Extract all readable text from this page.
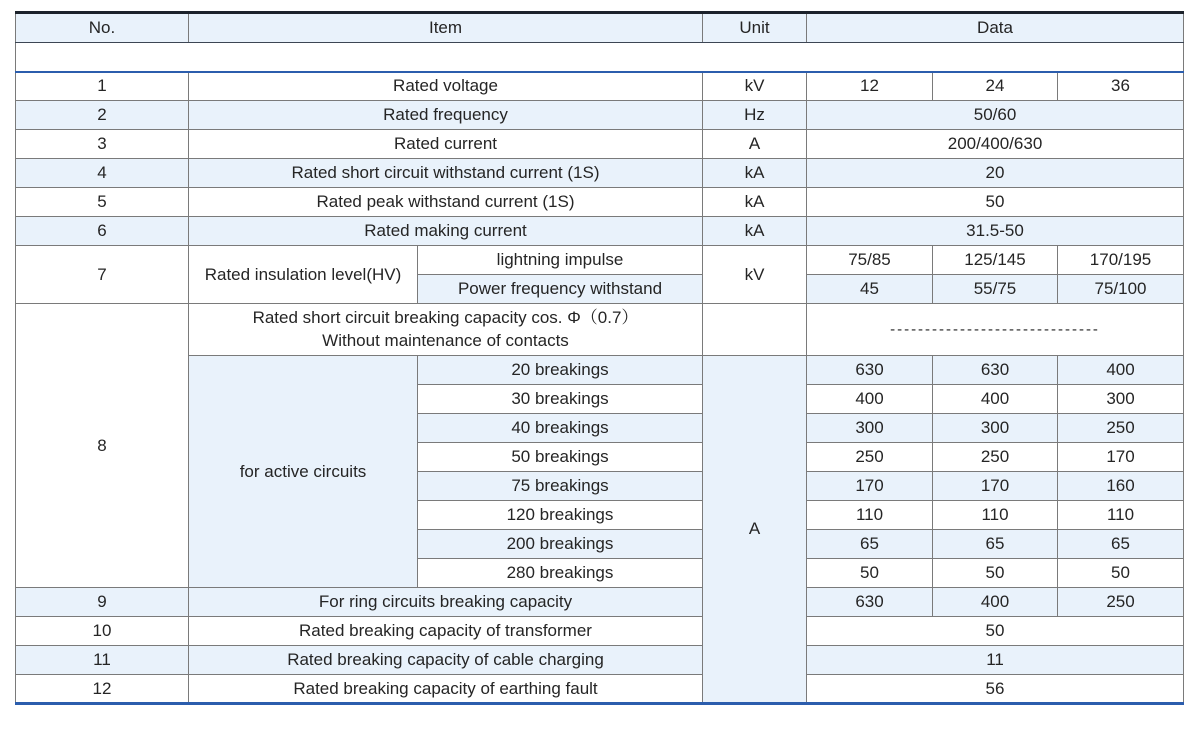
No.	Item		Unit	Data		

1	Rated voltage		kV	12	24	36
2	Rated frequency		Hz	50/60		
3	Rated current		A	200/400/630		
4	Rated short circuit withstand current (1S)		kA	20		
5	Rated peak withstand current (1S)		kA	50		
6	Rated making current		kA	31.5-50		
7	Rated insulation level(HV)	lightning impulse	kV	75/85	125/145	170/195
		Power frequency withstand		45	55/75	75/100
8	Rated short circuit breaking capacity cos. Φ（0.7）
Without maintenance of contacts			------------------------------		
	for active circuits	20 breakings	A	630	630	400
		30 breakings		400	400	300
		40 breakings		300	300	250
		50 breakings		250	250	170
		75 breakings		170	170	160
		120 breakings		110	110	110
		200 breakings		65	65	65
		280 breakings		50	50	50
9	For ring circuits breaking capacity			630	400	250
10	Rated breaking capacity of transformer			50		
11	Rated breaking capacity of cable charging			11		
12	Rated breaking capacity of earthing fault			56		
